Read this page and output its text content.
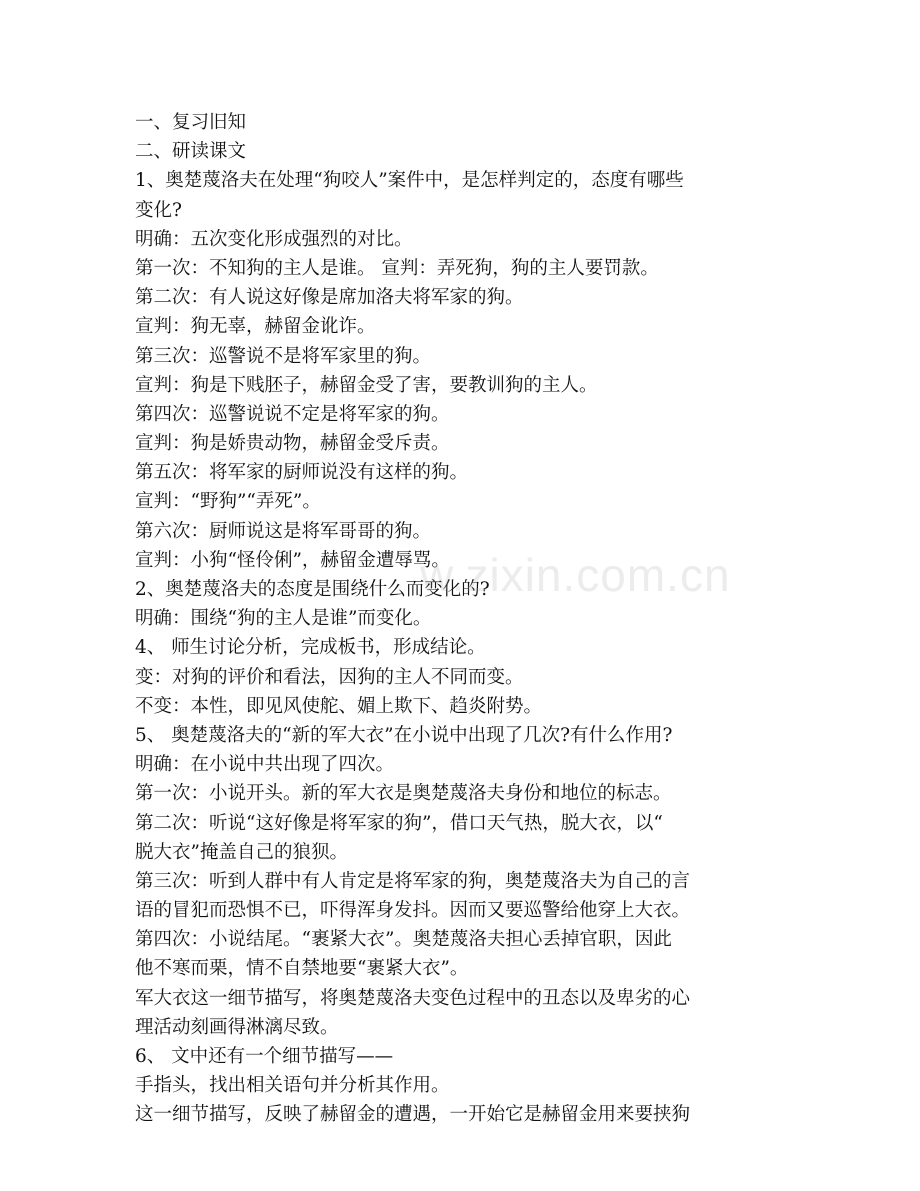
一、复习旧知
二、研读课文
1、奥楚蔑洛夫在处理“狗咬人”案件中，是怎样判定的，态度有哪些
变化?
明确：五次变化形成强烈的对比。
第一次：不知狗的主人是谁。 宣判：弄死狗，狗的主人要罚款。
第二次：有人说这好像是席加洛夫将军家的狗。
宣判：狗无辜，赫留金讹诈。
第三次：巡警说不是将军家里的狗。
宣判：狗是下贱胚子，赫留金受了害，要教训狗的主人。
第四次：巡警说说不定是将军家的狗。
宣判：狗是娇贵动物，赫留金受斥责。
第五次：将军家的厨师说没有这样的狗。
宣判：“野狗”“弄死”。
第六次：厨师说这是将军哥哥的狗。
宣判：小狗“怪伶俐”，赫留金遭辱骂。
2、奥楚蔑洛夫的态度是围绕什么而变化的?
明确：围绕“狗的主人是谁”而变化。
4、 师生讨论分析，完成板书，形成结论。
变：对狗的评价和看法，因狗的主人不同而变。
不变：本性，即见风使舵、媚上欺下、趋炎附势。
5、 奥楚蔑洛夫的“新的军大衣”在小说中出现了几次?有什么作用?
明确：在小说中共出现了四次。
第一次：小说开头。新的军大衣是奥楚蔑洛夫身份和地位的标志。
第二次：听说“这好像是将军家的狗”，借口天气热，脱大衣，以“
脱大衣”掩盖自己的狼狈。
第三次：听到人群中有人肯定是将军家的狗，奥楚蔑洛夫为自己的言
语的冒犯而恐惧不已，吓得浑身发抖。因而又要巡警给他穿上大衣。
第四次：小说结尾。“裹紧大衣”。奥楚蔑洛夫担心丢掉官职，因此
他不寒而栗，情不自禁地要“裹紧大衣”。
军大衣这一细节描写，将奥楚蔑洛夫变色过程中的丑态以及卑劣的心
理活动刻画得淋漓尽致。
6、 文中还有一个细节描写——
手指头，找出相关语句并分析其作用。
这一细节描写，反映了赫留金的遭遇，一开始它是赫留金用来要挟狗
w.zixin.com.cn
